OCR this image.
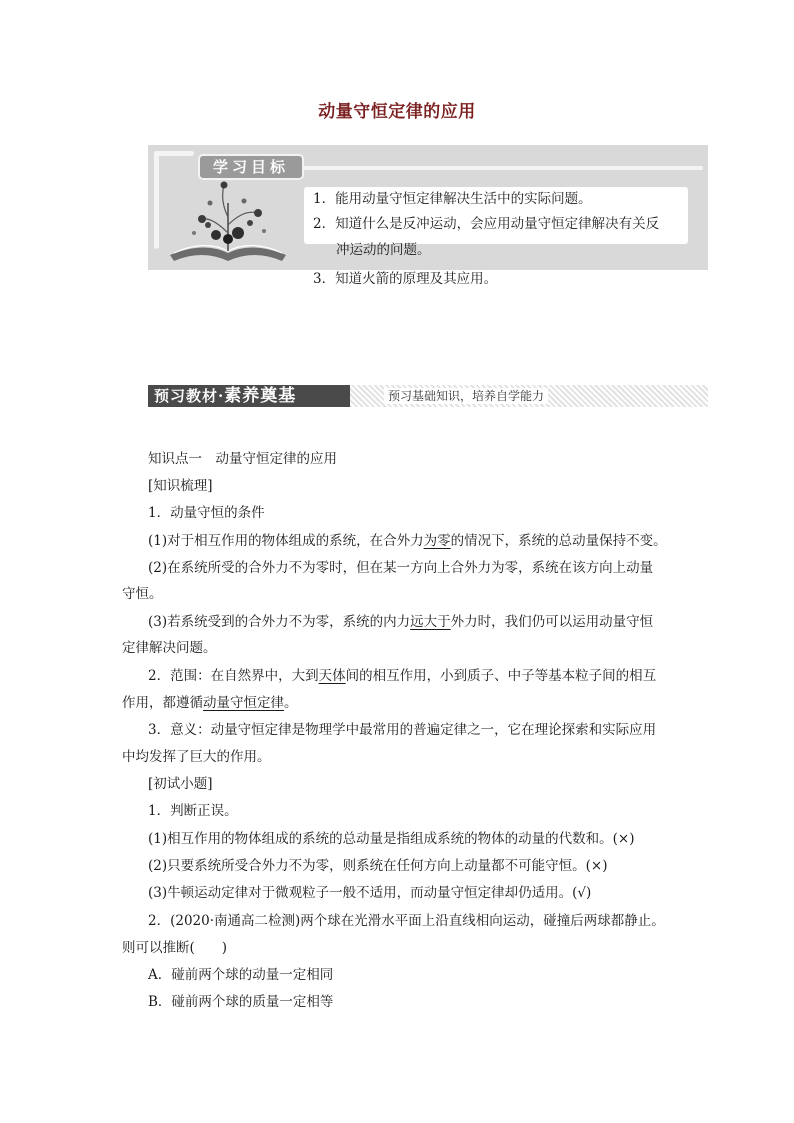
动量守恒定律的应用
学习目标
1．能用动量守恒定律解决生活中的实际问题。
2．知道什么是反冲运动，会应用动量守恒定律解决有关反
冲运动的问题。
3．知道火箭的原理及其应用。
预习教材·素养奠基	预习基础知识，培养自学能力
知识点一　动量守恒定律的应用
[知识梳理]
1．动量守恒的条件
(1)对于相互作用的物体组成的系统，在合外力为零的情况下，系统的总动量保持不变。
(2)在系统所受的合外力不为零时，但在某一方向上合外力为零，系统在该方向上动量
守恒。
(3)若系统受到的合外力不为零，系统的内力远大于外力时，我们仍可以运用动量守恒
定律解决问题。
2．范围：在自然界中，大到天体间的相互作用，小到质子、中子等基本粒子间的相互
作用，都遵循动量守恒定律。
3．意义：动量守恒定律是物理学中最常用的普遍定律之一，它在理论探索和实际应用
中均发挥了巨大的作用。
[初试小题]
1．判断正误。
(1)相互作用的物体组成的系统的总动量是指组成系统的物体的动量的代数和。(×)
(2)只要系统所受合外力不为零，则系统在任何方向上动量都不可能守恒。(×)
(3)牛顿运动定律对于微观粒子一般不适用，而动量守恒定律却仍适用。(√)
2．(2020·南通高二检测)两个球在光滑水平面上沿直线相向运动，碰撞后两球都静止。
则可以推断(　　)
A．碰前两个球的动量一定相同
B．碰前两个球的质量一定相等
